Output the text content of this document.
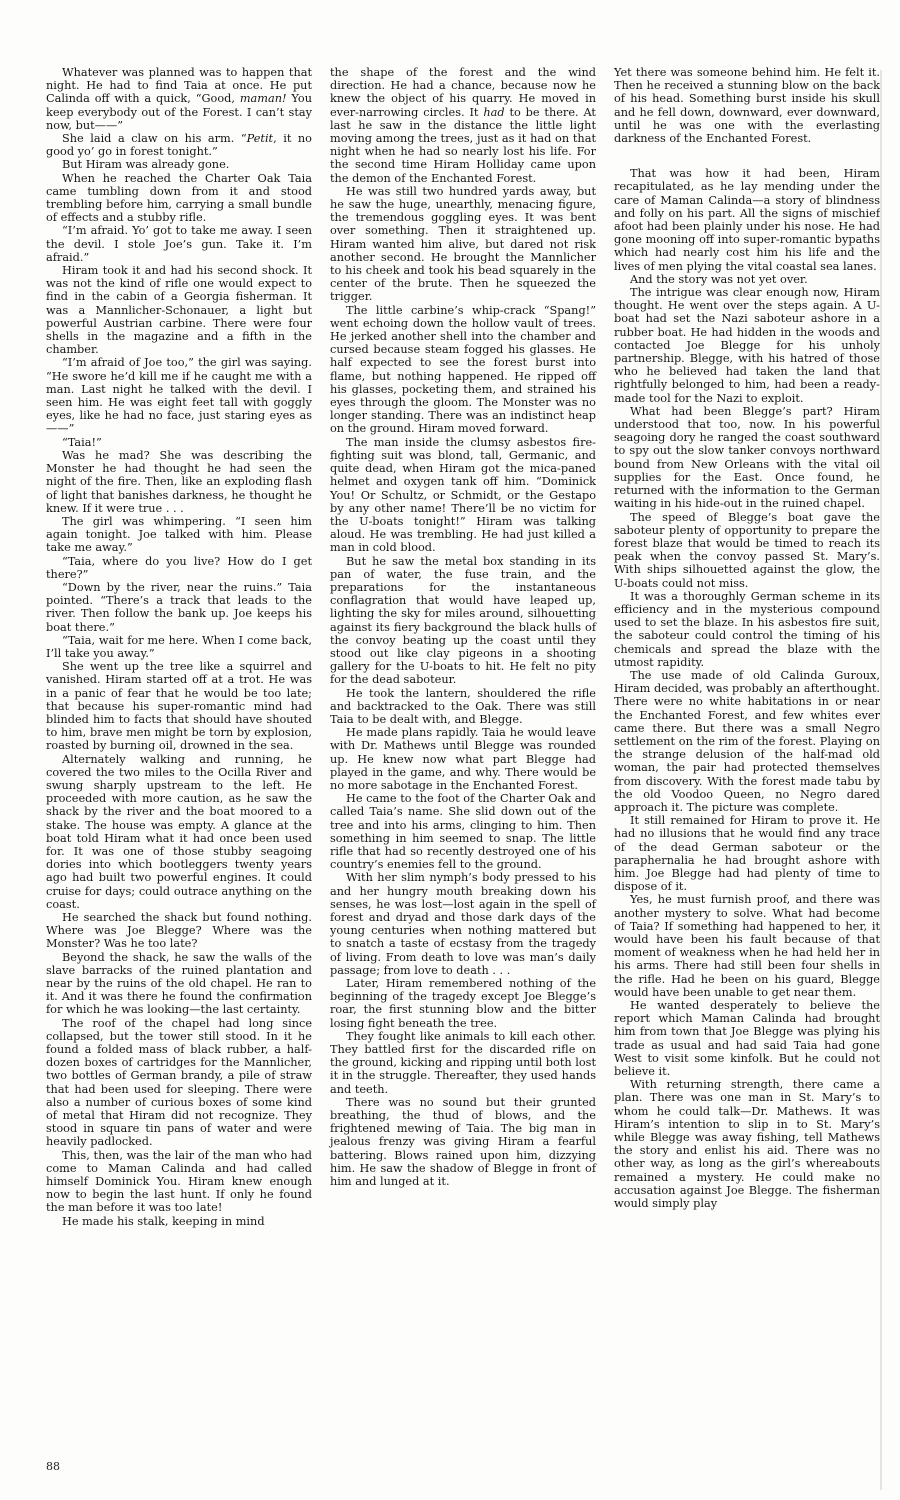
Whatever was planned was to happen that night. He had to find Taia at once. He put Calinda off with a quick, “Good, maman! You keep everybody out of the Forest. I can’t stay now, but——”

She laid a claw on his arm. “Petit, it no good yo’ go in forest tonight.”

But Hiram was already gone.

When he reached the Charter Oak Taia came tumbling down from it and stood trembling before him, carrying a small bundle of effects and a stubby rifle.

“I’m afraid. Yo’ got to take me away. I seen the devil. I stole Joe’s gun. Take it. I’m afraid.”

Hiram took it and had his second shock. It was not the kind of rifle one would expect to find in the cabin of a Georgia fisherman. It was a Mannlicher-Schonauer, a light but powerful Austrian carbine. There were four shells in the magazine and a fifth in the chamber.

“I’m afraid of Joe too,” the girl was saying. “He swore he’d kill me if he caught me with a man. Last night he talked with the devil. I seen him. He was eight feet tall with goggly eyes, like he had no face, just staring eyes as——”

“Taia!”

Was he mad? She was describing the Monster he had thought he had seen the night of the fire. Then, like an exploding flash of light that banishes darkness, he thought he knew. If it were true . . .

The girl was whimpering. “I seen him again tonight. Joe talked with him. Please take me away.”

“Taia, where do you live? How do I get there?”

“Down by the river, near the ruins.” Taia pointed. “There’s a track that leads to the river. Then follow the bank up. Joe keeps his boat there.”

“Taia, wait for me here. When I come back, I’ll take you away.”

She went up the tree like a squirrel and vanished. Hiram started off at a trot. He was in a panic of fear that he would be too late; that because his super-romantic mind had blinded him to facts that should have shouted to him, brave men might be torn by explosion, roasted by burning oil, drowned in the sea.

Alternately walking and running, he covered the two miles to the Ocilla River and swung sharply upstream to the left. He proceeded with more caution, as he saw the shack by the river and the boat moored to a stake. The house was empty. A glance at the boat told Hiram what it had once been used for. It was one of those stubby seagoing dories into which bootleggers twenty years ago had built two powerful engines. It could cruise for days; could outrace anything on the coast.

He searched the shack but found nothing. Where was Joe Blegge? Where was the Monster? Was he too late?

Beyond the shack, he saw the walls of the slave barracks of the ruined plantation and near by the ruins of the old chapel. He ran to it. And it was there he found the confirmation for which he was looking—the last certainty.

The roof of the chapel had long since collapsed, but the tower still stood. In it he found a folded mass of black rubber, a half-dozen boxes of cartridges for the Mannlicher, two bottles of German brandy, a pile of straw that had been used for sleeping. There were also a number of curious boxes of some kind of metal that Hiram did not recognize. They stood in square tin pans of water and were heavily padlocked.

This, then, was the lair of the man who had come to Maman Calinda and had called himself Dominick You. Hiram knew enough now to begin the last hunt. If only he found the man before it was too late!

He made his stalk, keeping in mind

the shape of the forest and the wind direction. He had a chance, because now he knew the object of his quarry. He moved in ever-narrowing circles. It had to be there. At last he saw in the distance the little light moving among the trees, just as it had on that night when he had so nearly lost his life. For the second time Hiram Holliday came upon the demon of the Enchanted Forest.

He was still two hundred yards away, but he saw the huge, unearthly, menacing figure, the tremendous goggling eyes. It was bent over something. Then it straightened up. Hiram wanted him alive, but dared not risk another second. He brought the Mannlicher to his cheek and took his bead squarely in the center of the brute. Then he squeezed the trigger.

The little carbine’s whip-crack “Spang!” went echoing down the hollow vault of trees. He jerked another shell into the chamber and cursed because steam fogged his glasses. He half expected to see the forest burst into flame, but nothing happened. He ripped off his glasses, pocketing them, and strained his eyes through the gloom. The Monster was no longer standing. There was an indistinct heap on the ground. Hiram moved forward.

The man inside the clumsy asbestos fire-fighting suit was blond, tall, Germanic, and quite dead, when Hiram got the mica-paned helmet and oxygen tank off him. “Dominick You! Or Schultz, or Schmidt, or the Gestapo by any other name! There’ll be no victim for the U-boats tonight!” Hiram was talking aloud. He was trembling. He had just killed a man in cold blood.

But he saw the metal box standing in its pan of water, the fuse train, and the preparations for the instantaneous conflagration that would have leaped up, lighting the sky for miles around, silhouetting against its fiery background the black hulls of the convoy beating up the coast until they stood out like clay pigeons in a shooting gallery for the U-boats to hit. He felt no pity for the dead saboteur.

He took the lantern, shouldered the rifle and backtracked to the Oak. There was still Taia to be dealt with, and Blegge.

He made plans rapidly. Taia he would leave with Dr. Mathews until Blegge was rounded up. He knew now what part Blegge had played in the game, and why. There would be no more sabotage in the Enchanted Forest.

He came to the foot of the Charter Oak and called Taia’s name. She slid down out of the tree and into his arms, clinging to him. Then something in him seemed to snap. The little rifle that had so recently destroyed one of his country’s enemies fell to the ground.

With her slim nymph’s body pressed to his and her hungry mouth breaking down his senses, he was lost—lost again in the spell of forest and dryad and those dark days of the young centuries when nothing mattered but to snatch a taste of ecstasy from the tragedy of living. From death to love was man’s daily passage; from love to death . . .

Later, Hiram remembered nothing of the beginning of the tragedy except Joe Blegge’s roar, the first stunning blow and the bitter losing fight beneath the tree.

They fought like animals to kill each other. They battled first for the discarded rifle on the ground, kicking and ripping until both lost it in the struggle. Thereafter, they used hands and teeth.

There was no sound but their grunted breathing, the thud of blows, and the frightened mewing of Taia. The big man in jealous frenzy was giving Hiram a fearful battering. Blows rained upon him, dizzying him. He saw the shadow of Blegge in front of him and lunged at it.

Yet there was someone behind him. He felt it. Then he received a stunning blow on the back of his head. Something burst inside his skull and he fell down, downward, ever downward, until he was one with the everlasting darkness of the Enchanted Forest.

That was how it had been, Hiram recapitulated, as he lay mending under the care of Maman Calinda—a story of blindness and folly on his part. All the signs of mischief afoot had been plainly under his nose. He had gone mooning off into super-romantic bypaths which had nearly cost him his life and the lives of men plying the vital coastal sea lanes.

And the story was not yet over.

The intrigue was clear enough now, Hiram thought. He went over the steps again. A U-boat had set the Nazi saboteur ashore in a rubber boat. He had hidden in the woods and contacted Joe Blegge for his unholy partnership. Blegge, with his hatred of those who he believed had taken the land that rightfully belonged to him, had been a ready-made tool for the Nazi to exploit.

What had been Blegge’s part? Hiram understood that too, now. In his powerful seagoing dory he ranged the coast southward to spy out the slow tanker convoys northward bound from New Orleans with the vital oil supplies for the East. Once found, he returned with the information to the German waiting in his hide-out in the ruined chapel.

The speed of Blegge’s boat gave the saboteur plenty of opportunity to prepare the forest blaze that would be timed to reach its peak when the convoy passed St. Mary’s. With ships silhouetted against the glow, the U-boats could not miss.

It was a thoroughly German scheme in its efficiency and in the mysterious compound used to set the blaze. In his asbestos fire suit, the saboteur could control the timing of his chemicals and spread the blaze with the utmost rapidity.

The use made of old Calinda Guroux, Hiram decided, was probably an afterthought. There were no white habitations in or near the Enchanted Forest, and few whites ever came there. But there was a small Negro settlement on the rim of the forest. Playing on the strange delusion of the half-mad old woman, the pair had protected themselves from discovery. With the forest made tabu by the old Voodoo Queen, no Negro dared approach it. The picture was complete.

It still remained for Hiram to prove it. He had no illusions that he would find any trace of the dead German saboteur or the paraphernalia he had brought ashore with him. Joe Blegge had had plenty of time to dispose of it.

Yes, he must furnish proof, and there was another mystery to solve. What had become of Taia? If something had happened to her, it would have been his fault because of that moment of weakness when he had held her in his arms. There had still been four shells in the rifle. Had he been on his guard, Blegge would have been unable to get near them.

He wanted desperately to believe the report which Maman Calinda had brought him from town that Joe Blegge was plying his trade as usual and had said Taia had gone West to visit some kinfolk. But he could not believe it.

With returning strength, there came a plan. There was one man in St. Mary’s to whom he could talk—Dr. Mathews. It was Hiram’s intention to slip in to St. Mary’s while Blegge was away fishing, tell Mathews the story and enlist his aid. There was no other way, as long as the girl’s whereabouts remained a mystery. He could make no accusation against Joe Blegge. The fisherman would simply play

88
